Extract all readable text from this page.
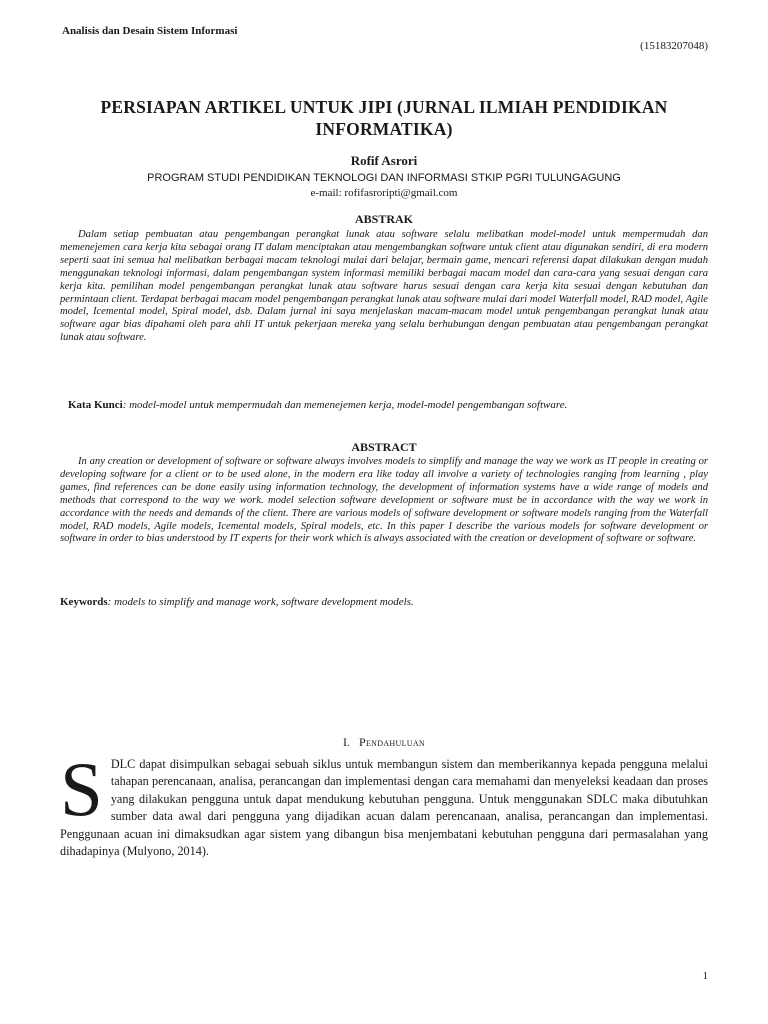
Analisis dan Desain Sistem Informasi
(15183207048)
PERSIAPAN ARTIKEL UNTUK JIPI (JURNAL ILMIAH PENDIDIKAN INFORMATIKA)
Rofif Asrori
PROGRAM STUDI PENDIDIKAN TEKNOLOGI DAN INFORMASI STKIP PGRI TULUNGAGUNG
e-mail: rofifasroripti@gmail.com
ABSTRAK
Dalam setiap pembuatan atau pengembangan perangkat lunak atau software selalu melibatkan model-model untuk mempermudah dan memenejemen cara kerja kita sebagai orang IT dalam menciptakan atau mengembangkan software untuk client atau digunakan sendiri, di era modern seperti saat ini semua hal melibatkan berbagai macam teknologi mulai dari belajar, bermain game, mencari referensi dapat dilakukan dengan mudah menggunakan teknologi informasi, dalam pengembangan system informasi memiliki berbagai macam model dan cara-cara yang sesuai dengan cara kerja kita. pemilihan model pengembangan perangkat lunak atau software harus sesuai dengan cara kerja kita sesuai dengan kebutuhan dan permintaan client. Terdapat berbagai macam model pengembangan perangkat lunak atau software mulai dari model Waterfall model, RAD model, Agile model, Icemental model, Spiral model, dsb. Dalam jurnal ini saya menjelaskan macam-macam model untuk pengembangan perangkat lunak atau software agar bias dipahami oleh para ahli IT untuk pekerjaan mereka yang selalu berhubungan dengan pembuatan atau pengembangan perangkat lunak atau software.
Kata Kunci: model-model untuk mempermudah dan memenejemen kerja, model-model pengembangan software.
ABSTRACT
In any creation or development of software or software always involves models to simplify and manage the way we work as IT people in creating or developing software for a client or to be used alone, in the modern era like today all involve a variety of technologies ranging from learning , play games, find references can be done easily using information technology, the development of information systems have a wide range of models and methods that correspond to the way we work. model selection software development or software must be in accordance with the way we work in accordance with the needs and demands of the client. There are various models of software development or software models ranging from the Waterfall model, RAD models, Agile models, Icemental models, Spiral models, etc. In this paper I describe the various models for software development or software in order to bias understood by IT experts for their work which is always associated with the creation or development of software or software.
Keywords: models to simplify and manage work, software development models.
I. Pendahuluan
SDLC dapat disimpulkan sebagai sebuah siklus untuk membangun sistem dan memberikannya kepada pengguna melalui tahapan perencanaan, analisa, perancangan dan implementasi dengan cara memahami dan menyeleksi keadaan dan proses yang dilakukan pengguna untuk dapat mendukung kebutuhan pengguna. Untuk menggunakan SDLC maka dibutuhkan sumber data awal dari pengguna yang dijadikan acuan dalam perencanaan, analisa, perancangan dan implementasi. Penggunaan acuan ini dimaksudkan agar sistem yang dibangun bisa menjembatani kebutuhan pengguna dari permasalahan yang dihadapinya (Mulyono, 2014).
1
